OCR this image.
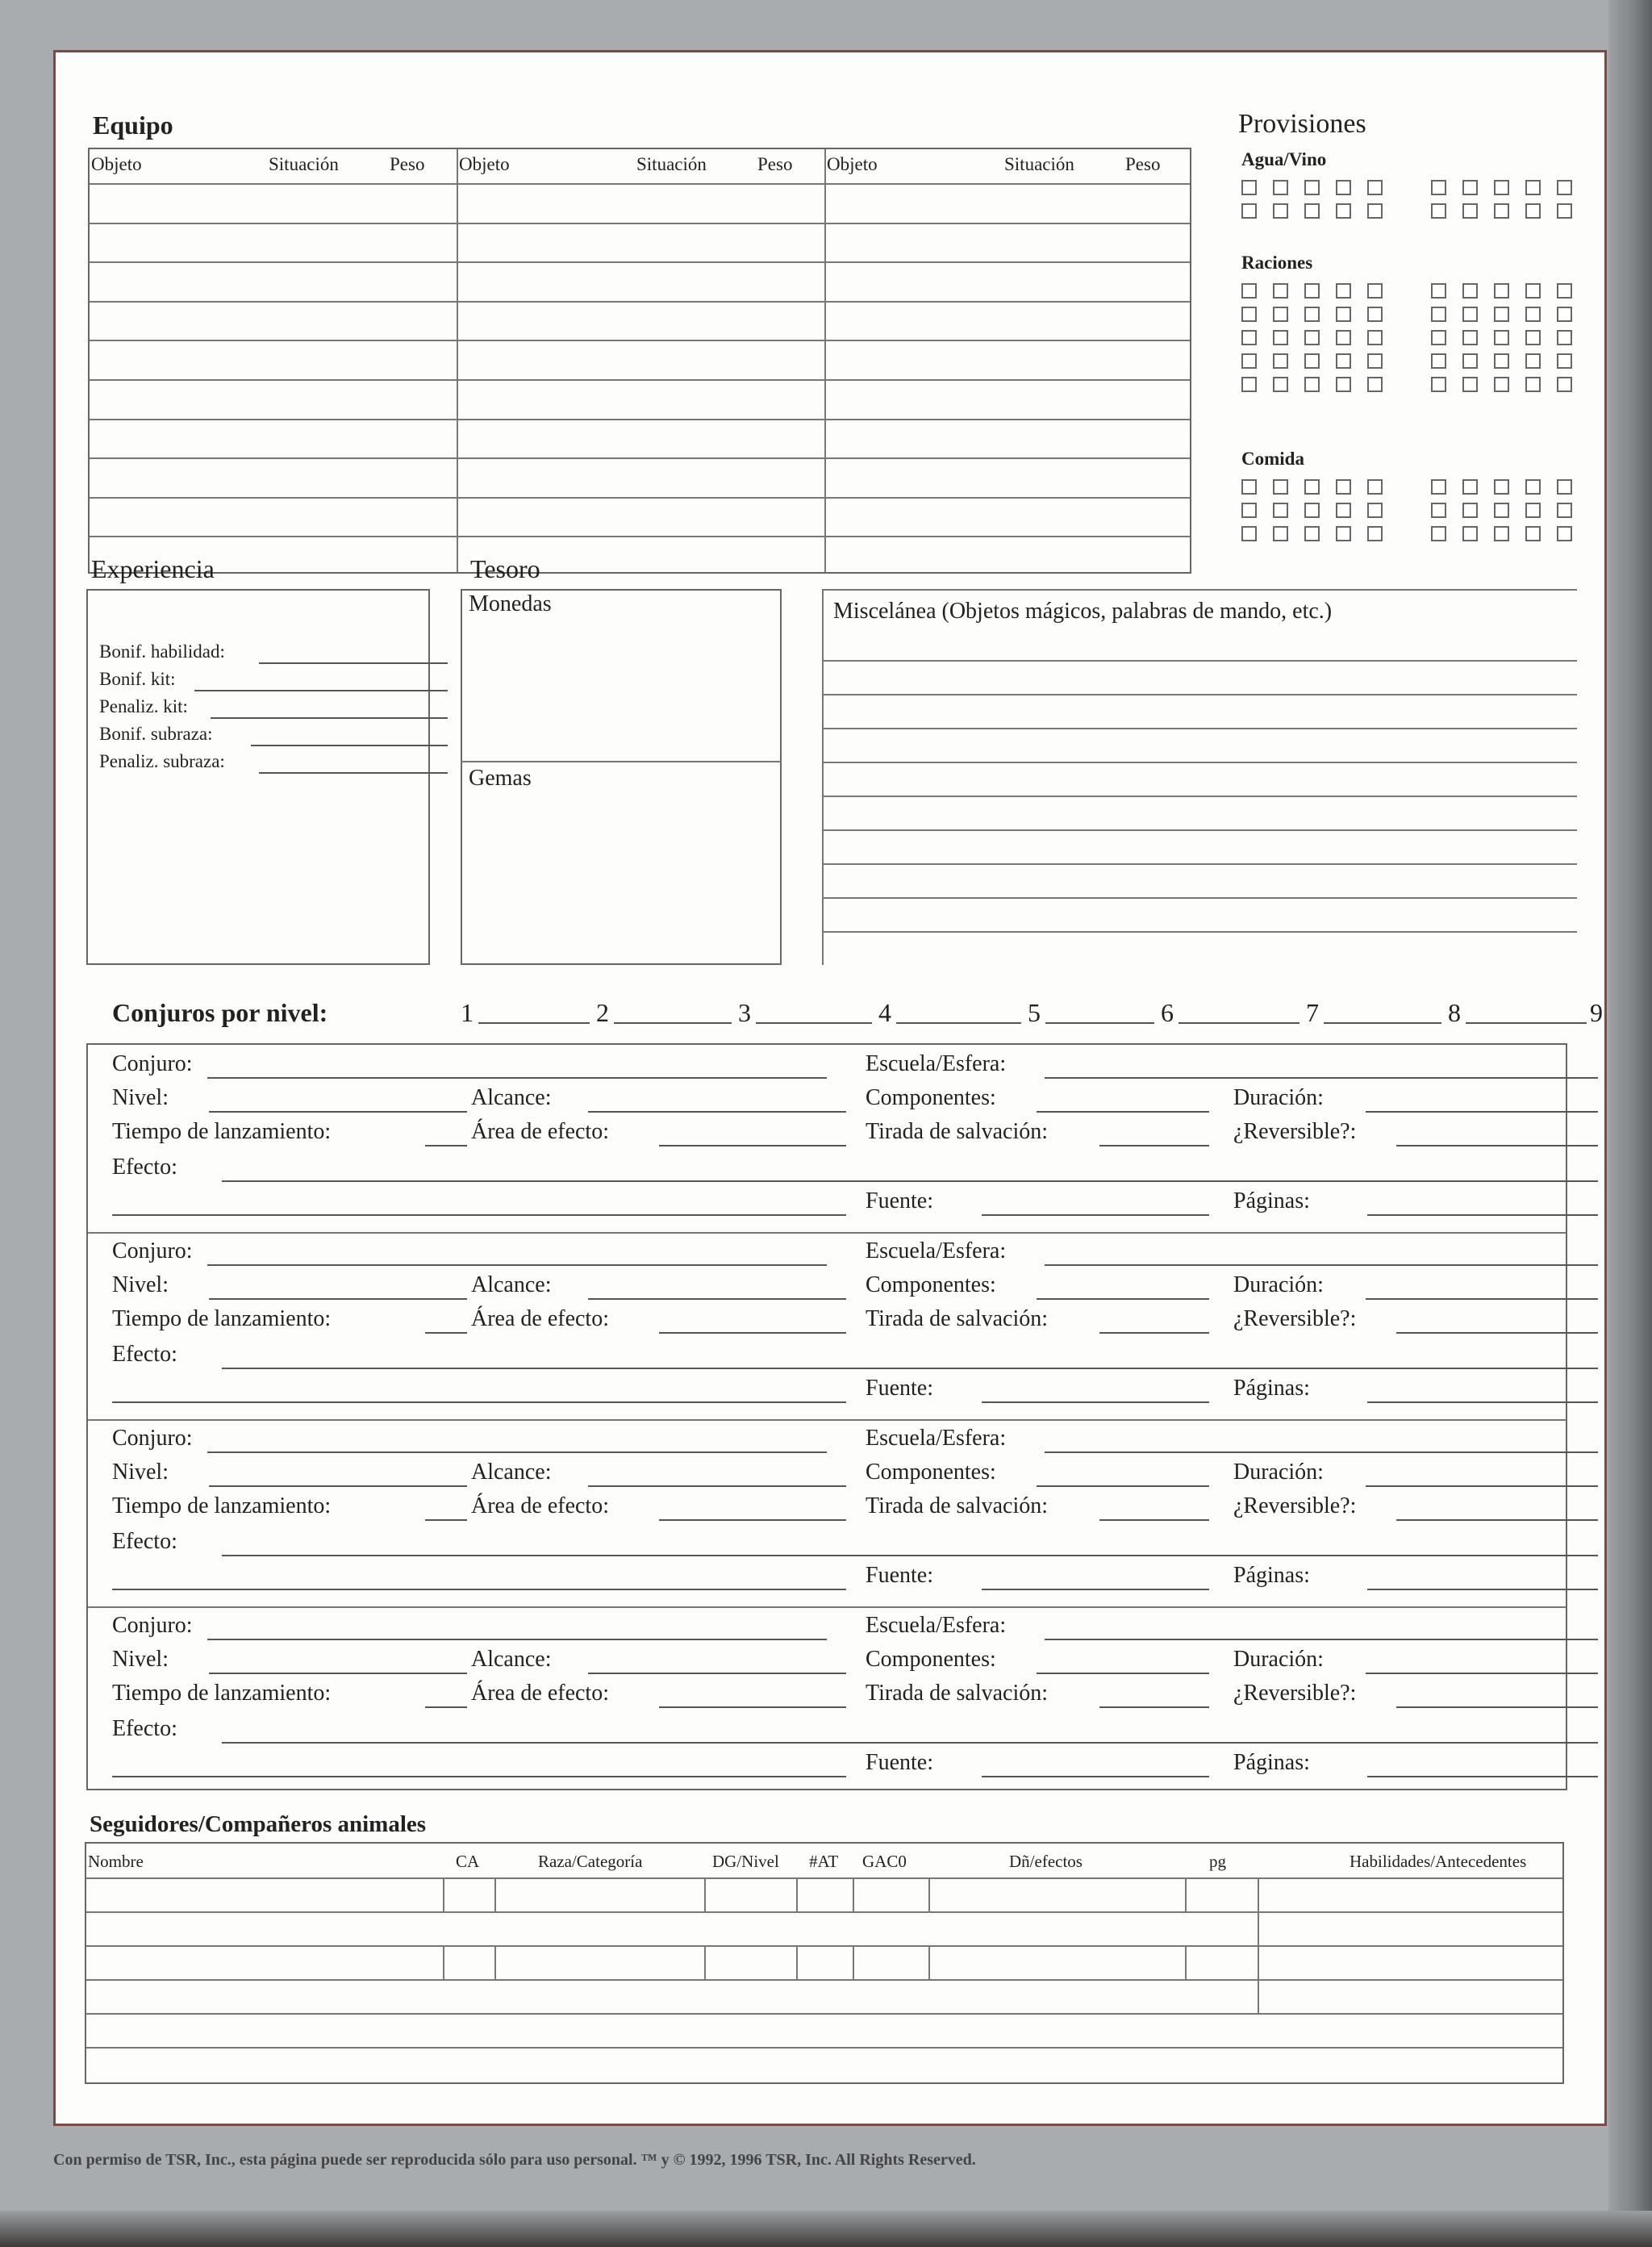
Equipo
Objeto	Situación	Peso Objeto	Situación	Peso Objeto	Situación	Peso
Provisiones
Agua/Vino
Raciones
Comida
Experiencia
Bonif. habilidad:
Bonif. kit:
Penaliz. kit:
Bonif. subraza:
Penaliz. subraza:
Tesoro
Monedas
Gemas
Miscelánea (Objetos mágicos, palabras de mando, etc.)
Conjuros por nivel:	1	2	3	4	5	6	7	8	9
Conjuro:	Escuela/Esfera:
Nivel:	Alcance:	Componentes:	Duración:
Tiempo de lanzamiento:	Área de efecto:	Tirada de salvación:	¿Reversible?:
Efecto:
Fuente:	Páginas:
Conjuro:	Escuela/Esfera:
Nivel:	Alcance:	Componentes:	Duración:
Tiempo de lanzamiento:	Área de efecto:	Tirada de salvación:	¿Reversible?:
Efecto:
Fuente:	Páginas:
Conjuro:	Escuela/Esfera:
Nivel:	Alcance:	Componentes:	Duración:
Tiempo de lanzamiento:	Área de efecto:	Tirada de salvación:	¿Reversible?:
Efecto:
Fuente:	Páginas:
Conjuro:	Escuela/Esfera:
Nivel:	Alcance:	Componentes:	Duración:
Tiempo de lanzamiento:	Área de efecto:	Tirada de salvación:	¿Reversible?:
Efecto:
Fuente:	Páginas:
Seguidores/Compañeros animales
Nombre	CA	Raza/Categoría	DG/Nivel #AT GAC0	Dñ/efectos	pg	Habilidades/Antecedentes
Con permiso de TSR, Inc., esta página puede ser reproducida sólo para uso personal. ™ y © 1992, 1996 TSR, Inc. All Rights Reserved.
